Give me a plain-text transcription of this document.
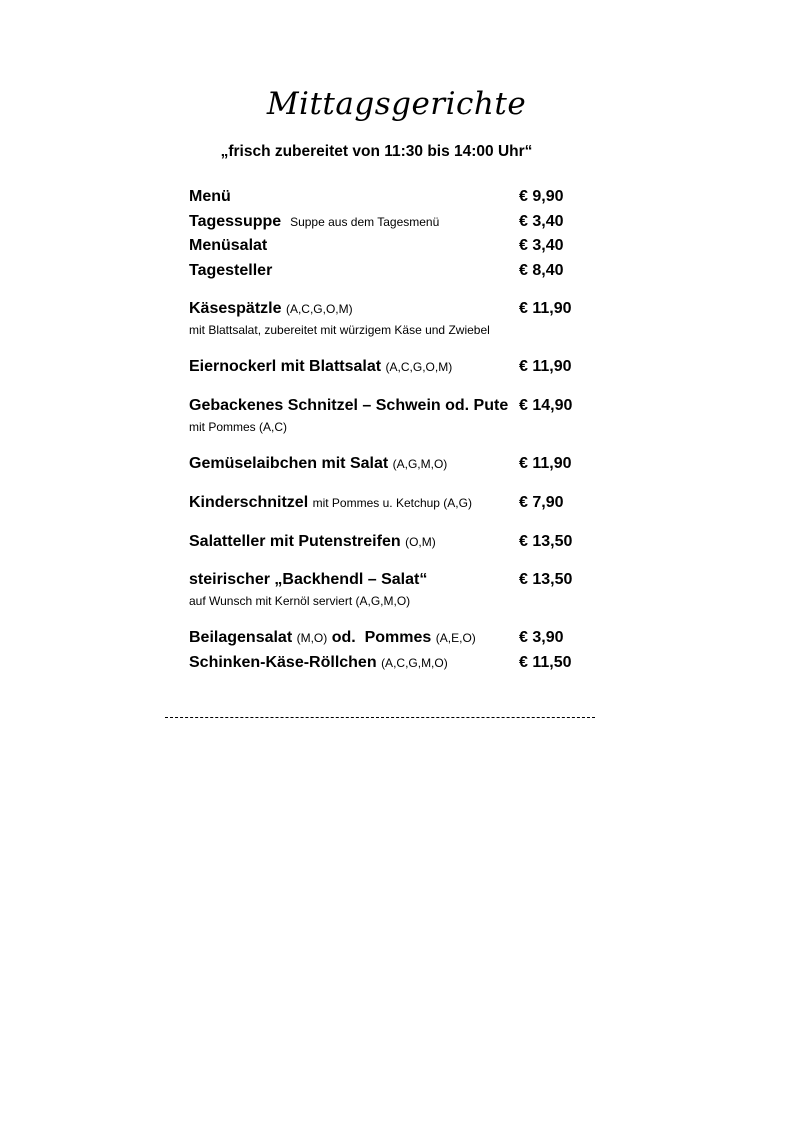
Mittagsgerichte
„frisch zubereitet von 11:30 bis 14:00 Uhr“
Menü	€ 9,90
Tagessuppe Suppe aus dem Tagesmenü	€ 3,40
Menüsalat	€ 3,40
Tagesteller	€ 8,40
Käsespätzle (A,C,G,O,M)	€ 11,90
mit Blattsalat, zubereitet mit würzigem Käse und Zwiebel
Eiernockerl mit Blattsalat (A,C,G,O,M)	€ 11,90
Gebackenes Schnitzel – Schwein od. Pute € 14,90
mit Pommes (A,C)
Gemüselaibchen mit Salat (A,G,M,O)	€ 11,90
Kinderschnitzel mit Pommes u. Ketchup (A,G)	€ 7,90
Salatteller mit Putenstreifen (O,M)	€ 13,50
steirischer „Backhendl – Salat“	€ 13,50
auf Wunsch mit Kernöl serviert (A,G,M,O)
Beilagensalat (M,O) od. Pommes (A,E,O)	€ 3,90
Schinken-Käse-Röllchen (A,C,G,M,O)	€ 11,50
